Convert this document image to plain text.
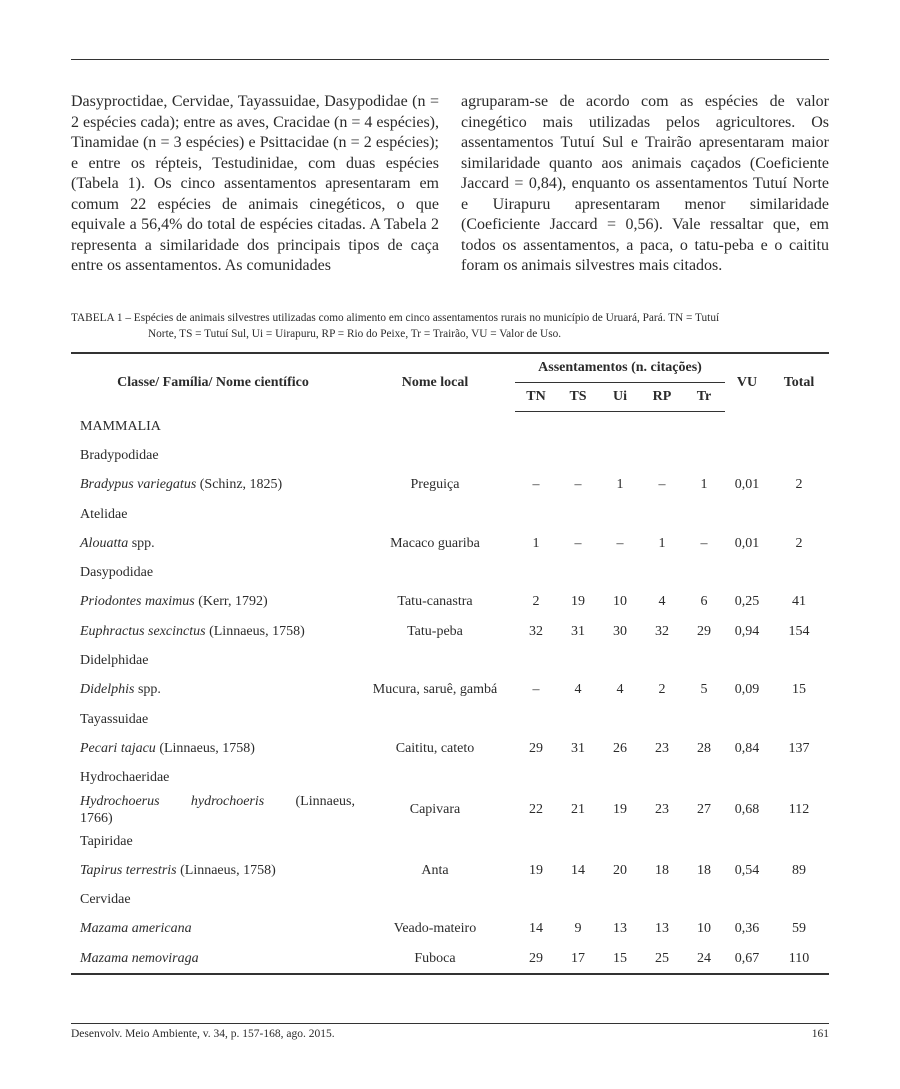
Dasyproctidae, Cervidae, Tayassuidae, Dasypodidae (n = 2 espécies cada); entre as aves, Cracidae (n = 4 espécies), Tinamidae (n = 3 espécies) e Psittacidae (n = 2 espécies); e entre os répteis, Testudinidae, com duas espécies (Tabela 1). Os cinco assentamentos apresentaram em comum 22 espécies de animais cinegéticos, o que equivale a 56,4% do total de espécies citadas. A Tabela 2 representa a similaridade dos principais tipos de caça entre os assentamentos. As comunidades
agruparam-se de acordo com as espécies de valor cinegético mais utilizadas pelos agricultores. Os assentamentos Tutuí Sul e Trairão apresentaram maior similaridade quanto aos animais caçados (Coeficiente Jaccard = 0,84), enquanto os assentamentos Tutuí Norte e Uirapuru apresentaram menor similaridade (Coeficiente Jaccard = 0,56). Vale ressaltar que, em todos os assentamentos, a paca, o tatu-peba e o caititu foram os animais silvestres mais citados.
TABELA 1 – Espécies de animais silvestres utilizadas como alimento em cinco assentamentos rurais no município de Uruará, Pará. TN = Tutuí
Norte, TS = Tutuí Sul, Ui = Uirapuru, RP = Rio do Peixe, Tr = Trairão, VU = Valor de Uso.
Classe/ Família/ Nome científico	Nome local	Assentamentos (n. citações)					VU	Total
		TN	TS	Ui	RP	Tr		
MAMMALIA								
Bradypodidae								
Bradypus variegatus (Schinz, 1825)	Preguiça	–	–	1	–	1	0,01	2
Atelidae								
Alouatta spp.	Macaco guariba	1	–	–	1	–	0,01	2
Dasypodidae								
Priodontes maximus (Kerr, 1792)	Tatu-canastra	2	19	10	4	6	0,25	41
Euphractus sexcinctus (Linnaeus, 1758)	Tatu-peba	32	31	30	32	29	0,94	154
Didelphidae								
Didelphis spp.	Mucura, saruê, gambá	–	4	4	2	5	0,09	15
Tayassuidae								
Pecari tajacu (Linnaeus, 1758)	Caititu, cateto	29	31	26	23	28	0,84	137
Hydrochaeridae								

Hydrochoerus hydrochoeris (Linnaeus,
1766)	Capivara	22	21	19	23	27	0,68	112
Tapiridae								
Tapirus terrestris (Linnaeus, 1758)	Anta	19	14	20	18	18	0,54	89
Cervidae								
Mazama americana	Veado-mateiro	14	9	13	13	10	0,36	59
Mazama nemoviraga	Fuboca	29	17	15	25	24	0,67	110
Desenvolv. Meio Ambiente, v. 34, p. 157-168, ago. 2015.	161
